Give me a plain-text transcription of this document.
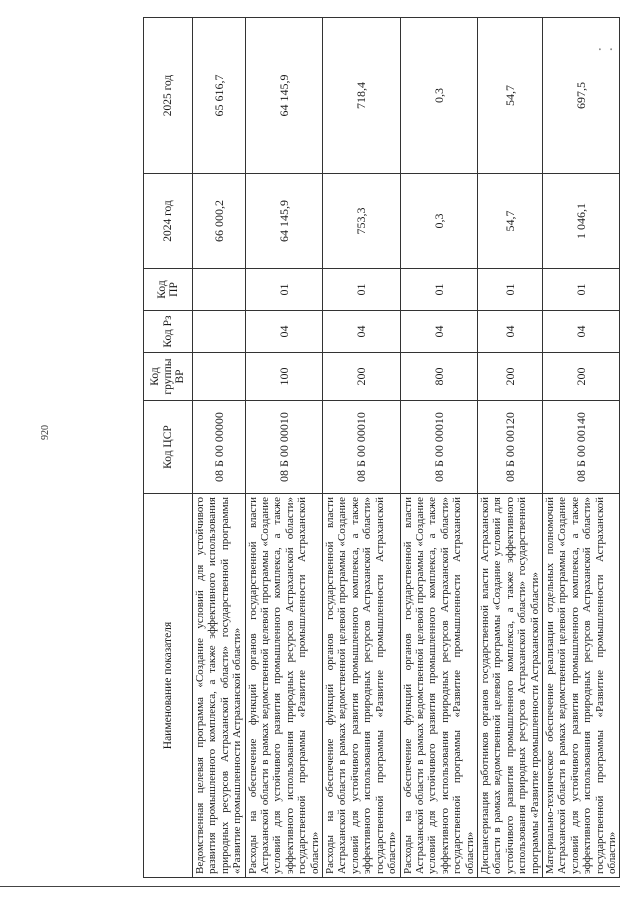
920
Наименование показателя	Код ЦСР	Код группы ВР	Код Рз	Код ПР	2024 год	2025 год
Ведомственная целевая программа «Создание условий для устойчивого развития промышленного комплекса, а также эффективного использования природных ресурсов Астраханской области» государственной программы «Развитие промышленности Астраханской области»	08 Б 00 00000				66 000,2	65 616,7
Расходы на обеспечение функций органов государственной власти Астраханской области в рамках ведомственной целевой программы «Создание условий для устойчивого развития промышленного комплекса, а также эффективного использования природных ресурсов Астраханской области» государственной программы «Развитие промышленности Астраханской области»	08 Б 00 00010	100	04	01	64 145,9	64 145,9
Расходы на обеспечение функций органов государственной власти Астраханской области в рамках ведомственной целевой программы «Создание условий для устойчивого развития промышленного комплекса, а также эффективного использования природных ресурсов Астраханской области» государственной программы «Развитие промышленности Астраханской области»	08 Б 00 00010	200	04	01	753,3	718,4
Расходы на обеспечение функций органов государственной власти Астраханской области в рамках ведомственной целевой программы «Создание условий для устойчивого развития промышленного комплекса, а также эффективного использования природных ресурсов Астраханской области» государственной программы «Развитие промышленности Астраханской области»	08 Б 00 00010	800	04	01	0,3	0,3
Диспансеризация работников органов государственной власти Астраханской области в рамках ведомственной целевой программы «Создание условий для устойчивого развития промышленного комплекса, а также эффективного использования природных ресурсов Астраханской области» государственной программы «Развитие промышленности Астраханской области»	08 Б 00 00120	200	04	01	54,7	54,7
Материально-техническое обеспечение реализации отдельных полномочий Астраханской области в рамках ведомственной целевой программы «Создание условий для устойчивого развития промышленного комплекса, а также эффективного использования природных ресурсов Астраханской области» государственной программы «Развитие промышленности Астраханской области»	08 Б 00 00140	200	04	01	1 046,1	697,5
⸱ ⸱
